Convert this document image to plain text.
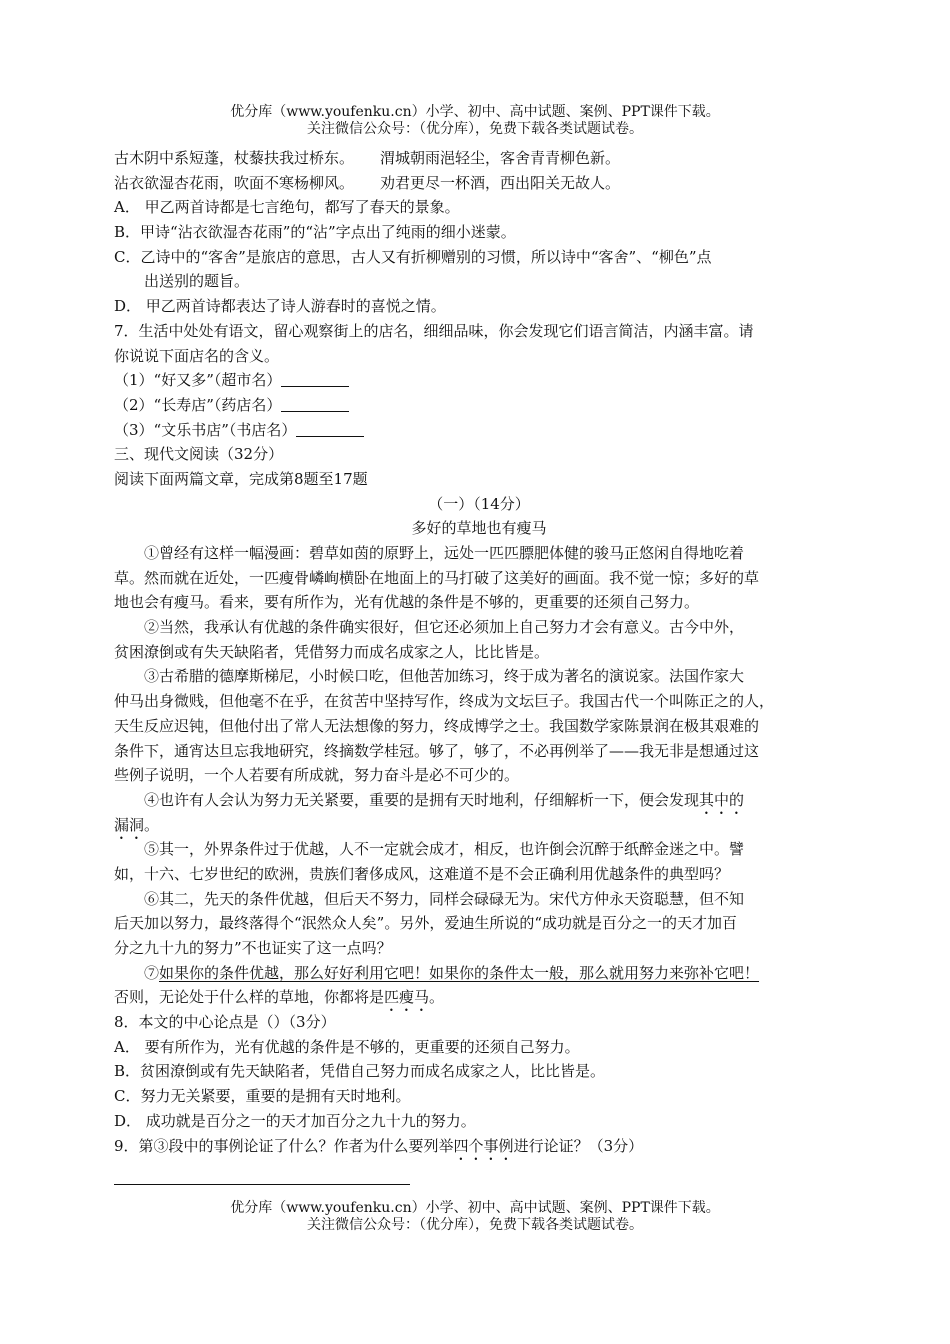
优分库（www.youfenku.cn）小学、初中、高中试题、案例、PPT课件下载。
关注微信公众号：（优分库），免费下载各类试题试卷。
古木阴中系短蓬，杖藜扶我过桥东。 渭城朝雨浥轻尘，客舍青青柳色新。
沾衣欲湿杏花雨，吹面不寒杨柳风。 劝君更尽一杯酒，西出阳关无故人。
A． 甲乙两首诗都是七言绝句，都写了春天的景象。
B．甲诗“沾衣欲湿杏花雨”的“沾”字点出了纯雨的细小迷蒙。
C．乙诗中的“客舍”是旅店的意思，古人又有折柳赠别的习惯，所以诗中“客舍”、“柳色”点
出送别的题旨。
D． 甲乙两首诗都表达了诗人游春时的喜悦之情。
7．生活中处处有语文，留心观察街上的店名，细细品味，你会发现它们语言简洁，内涵丰富。请
你说说下面店名的含义。
（1）“好又多”（超市名）
（2）“长寿店”（药店名）
（3）“文乐书店”（书店名）
三、现代文阅读（32分）
阅读下面两篇文章，完成第8题至17题
（一）（14分）
多好的草地也有瘦马
①曾经有这样一幅漫画：碧草如茵的原野上，远处一匹匹膘肥体健的骏马正悠闲自得地吃着
草。然而就在近处，一匹瘦骨嶙峋横卧在地面上的马打破了这美好的画面。我不觉一惊；多好的草
地也会有瘦马。看来，要有所作为，光有优越的条件是不够的，更重要的还须自己努力。
②当然，我承认有优越的条件确实很好，但它还必须加上自己努力才会有意义。古今中外，
贫困潦倒或有失天缺陷者，凭借努力而成名成家之人，比比皆是。
③古希腊的德摩斯梯尼，小时候口吃，但他苦加练习，终于成为著名的演说家。法国作家大
仲马出身微贱，但他毫不在乎，在贫苦中坚持写作，终成为文坛巨子。我国古代一个叫陈正之的人，
天生反应迟钝，但他付出了常人无法想像的努力，终成博学之士。我国数学家陈景润在极其艰难的
条件下，通宵达旦忘我地研究，终摘数学桂冠。够了，够了，不必再例举了——我无非是想通过这
些例子说明，一个人若要有所成就，努力奋斗是必不可少的。
④也许有人会认为努力无关紧要，重要的是拥有天时地利，仔细解析一下，便会发现其中的
漏洞。
⑤其一，外界条件过于优越，人不一定就会成才，相反，也许倒会沉醉于纸醉金迷之中。譬
如，十六、七岁世纪的欧洲，贵族们奢侈成风，这难道不是不会正确利用优越条件的典型吗？
⑥其二，先天的条件优越，但后天不努力，同样会碌碌无为。宋代方仲永天资聪慧，但不知
后天加以努力，最终落得个“泯然众人矣”。另外，爱迪生所说的“成功就是百分之一的天才加百
分之九十九的努力”不也证实了这一点吗？
⑦如果你的条件优越，那么好好利用它吧！如果你的条件太一般，那么就用努力来弥补它吧！
否则，无论处于什么样的草地，你都将是匹瘦马。
8．本文的中心论点是（）（3分）
A． 要有所作为，光有优越的条件是不够的，更重要的还须自己努力。
B．贫困潦倒或有先天缺陷者，凭借自己努力而成名成家之人，比比皆是。
C．努力无关紧要，重要的是拥有天时地利。
D． 成功就是百分之一的天才加百分之九十九的努力。
9．第③段中的事例论证了什么？作者为什么要列举四个事例进行论证？（3分）
优分库（www.youfenku.cn）小学、初中、高中试题、案例、PPT课件下载。
关注微信公众号：（优分库），免费下载各类试题试卷。
